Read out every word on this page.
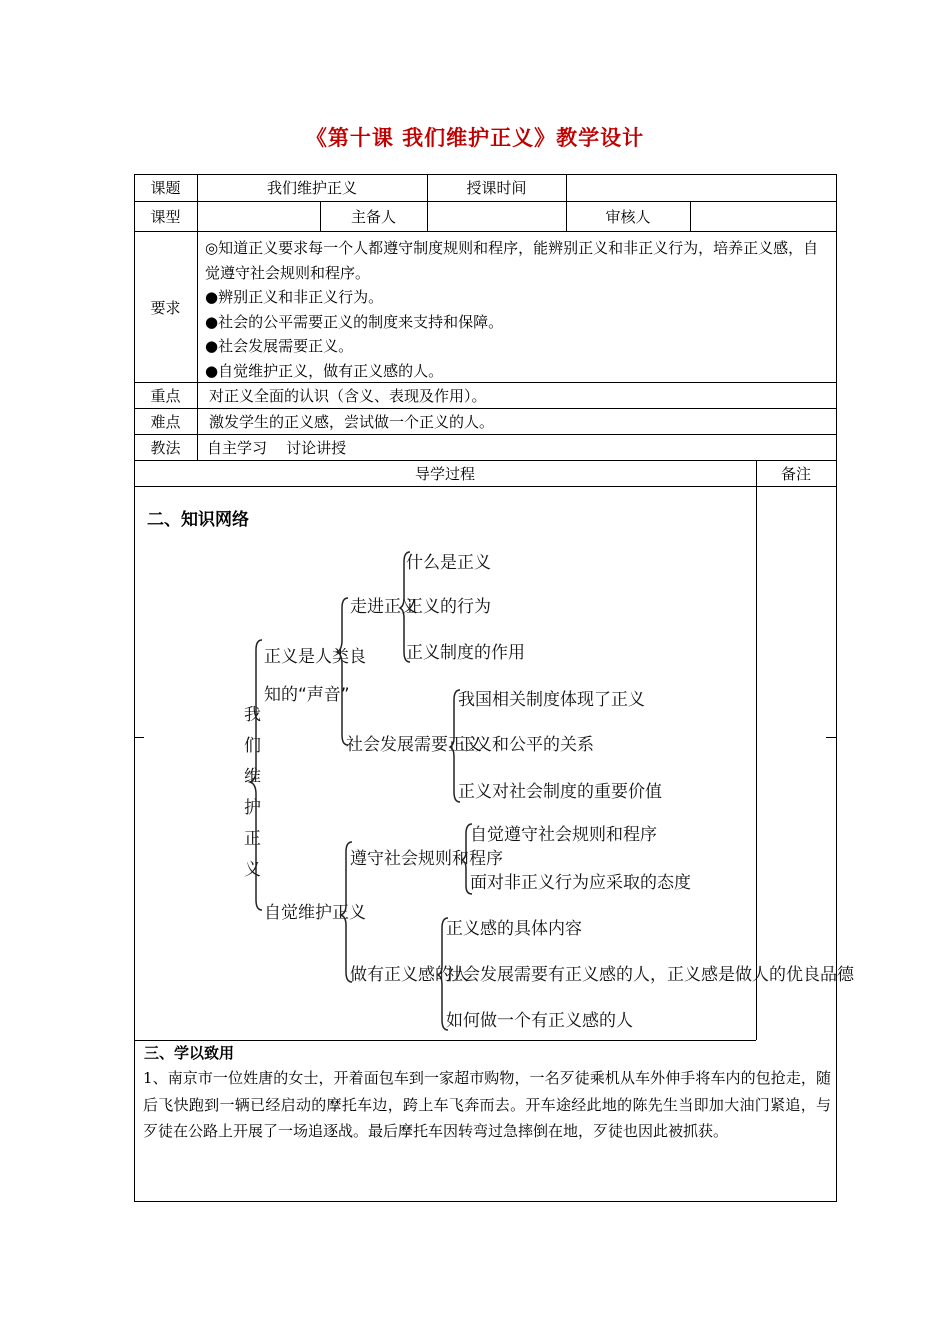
《第十课 我们维护正义》教学设计
课题	我们维护正义	授课时间
课型	主备人	审核人
要求
◎知道正义要求每一个人都遵守制度规则和程序，能辨别正义和非正义行为，培养正义感，自觉遵守社会规则和程序。
●辨别正义和非正义行为。
●社会的公平需要正义的制度来支持和保障。
●社会发展需要正义。
●自觉维护正义，做有正义感的人。
重点	对正义全面的认识（含义、表现及作用）。
难点	激发学生的正义感，尝试做一个正义的人。
教法	自主学习    讨论讲授
导学过程	备注
二、知识网络
我们维护正义
正义是人类良
知的“声音”
走进正义
社会发展需要正义
什么是正义
正义的行为
正义制度的作用
我国相关制度体现了正义
正义和公平的关系
正义对社会制度的重要价值
自觉维护正义
遵守社会规则和程序
做有正义感的人
自觉遵守社会规则和程序
面对非正义行为应采取的态度
正义感的具体内容
社会发展需要有正义感的人，正义感是做人的优良品德
如何做一个有正义感的人
三、学以致用
1、南京市一位姓唐的女士，开着面包车到一家超市购物，一名歹徒乘机从车外伸手将车内的包抢走，随后飞快跑到一辆已经启动的摩托车边，跨上车飞奔而去。开车途经此地的陈先生当即加大油门紧追，与歹徒在公路上开展了一场追逐战。最后摩托车因转弯过急摔倒在地，歹徒也因此被抓获。
